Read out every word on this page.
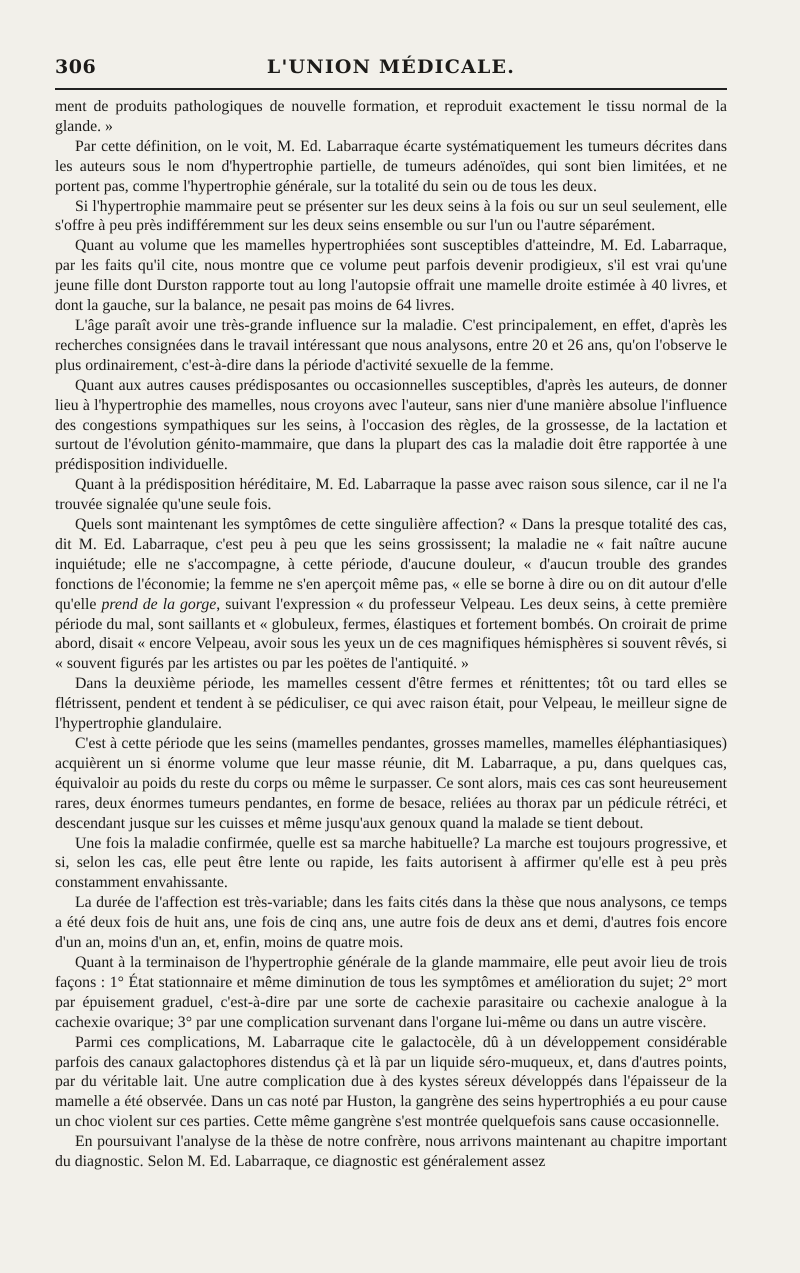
306	L'UNION MÉDICALE.

ment de produits pathologiques de nouvelle formation, et reproduit exactement le tissu normal de la glande. »

Par cette définition, on le voit, M. Ed. Labarraque écarte systématiquement les tumeurs décrites dans les auteurs sous le nom d'hypertrophie partielle, de tumeurs adénoïdes, qui sont bien limitées, et ne portent pas, comme l'hypertrophie générale, sur la totalité du sein ou de tous les deux.

Si l'hypertrophie mammaire peut se présenter sur les deux seins à la fois ou sur un seul seulement, elle s'offre à peu près indifféremment sur les deux seins ensemble ou sur l'un ou l'autre séparément.

Quant au volume que les mamelles hypertrophiées sont susceptibles d'atteindre, M. Ed. Labarraque, par les faits qu'il cite, nous montre que ce volume peut parfois devenir prodigieux, s'il est vrai qu'une jeune fille dont Durston rapporte tout au long l'autopsie offrait une mamelle droite estimée à 40 livres, et dont la gauche, sur la balance, ne pesait pas moins de 64 livres.

L'âge paraît avoir une très-grande influence sur la maladie. C'est principalement, en effet, d'après les recherches consignées dans le travail intéressant que nous analysons, entre 20 et 26 ans, qu'on l'observe le plus ordinairement, c'est-à-dire dans la période d'activité sexuelle de la femme.

Quant aux autres causes prédisposantes ou occasionnelles susceptibles, d'après les auteurs, de donner lieu à l'hypertrophie des mamelles, nous croyons avec l'auteur, sans nier d'une manière absolue l'influence des congestions sympathiques sur les seins, à l'occasion des règles, de la grossesse, de la lactation et surtout de l'évolution génito-mammaire, que dans la plupart des cas la maladie doit être rapportée à une prédisposition individuelle.

Quant à la prédisposition héréditaire, M. Ed. Labarraque la passe avec raison sous silence, car il ne l'a trouvée signalée qu'une seule fois.

Quels sont maintenant les symptômes de cette singulière affection? « Dans la presque totalité des cas, dit M. Ed. Labarraque, c'est peu à peu que les seins grossissent; la maladie ne « fait naître aucune inquiétude; elle ne s'accompagne, à cette période, d'aucune douleur, « d'aucun trouble des grandes fonctions de l'économie; la femme ne s'en aperçoit même pas, « elle se borne à dire ou on dit autour d'elle qu'elle prend de la gorge, suivant l'expression « du professeur Velpeau. Les deux seins, à cette première période du mal, sont saillants et « globuleux, fermes, élastiques et fortement bombés. On croirait de prime abord, disait « encore Velpeau, avoir sous les yeux un de ces magnifiques hémisphères si souvent rêvés, si « souvent figurés par les artistes ou par les poëtes de l'antiquité. »

Dans la deuxième période, les mamelles cessent d'être fermes et rénittentes; tôt ou tard elles se flétrissent, pendent et tendent à se pédiculiser, ce qui avec raison était, pour Velpeau, le meilleur signe de l'hypertrophie glandulaire.

C'est à cette période que les seins (mamelles pendantes, grosses mamelles, mamelles éléphantiasiques) acquièrent un si énorme volume que leur masse réunie, dit M. Labarraque, a pu, dans quelques cas, équivaloir au poids du reste du corps ou même le surpasser. Ce sont alors, mais ces cas sont heureusement rares, deux énormes tumeurs pendantes, en forme de besace, reliées au thorax par un pédicule rétréci, et descendant jusque sur les cuisses et même jusqu'aux genoux quand la malade se tient debout.

Une fois la maladie confirmée, quelle est sa marche habituelle? La marche est toujours progressive, et si, selon les cas, elle peut être lente ou rapide, les faits autorisent à affirmer qu'elle est à peu près constamment envahissante.

La durée de l'affection est très-variable; dans les faits cités dans la thèse que nous analysons, ce temps a été deux fois de huit ans, une fois de cinq ans, une autre fois de deux ans et demi, d'autres fois encore d'un an, moins d'un an, et, enfin, moins de quatre mois.

Quant à la terminaison de l'hypertrophie générale de la glande mammaire, elle peut avoir lieu de trois façons : 1° État stationnaire et même diminution de tous les symptômes et amélioration du sujet; 2° mort par épuisement graduel, c'est-à-dire par une sorte de cachexie parasitaire ou cachexie analogue à la cachexie ovarique; 3° par une complication survenant dans l'organe lui-même ou dans un autre viscère.

Parmi ces complications, M. Labarraque cite le galactocèle, dû à un développement considérable parfois des canaux galactophores distendus çà et là par un liquide séro-muqueux, et, dans d'autres points, par du véritable lait. Une autre complication due à des kystes séreux développés dans l'épaisseur de la mamelle a été observée. Dans un cas noté par Huston, la gangrène des seins hypertrophiés a eu pour cause un choc violent sur ces parties. Cette même gangrène s'est montrée quelquefois sans cause occasionnelle.

En poursuivant l'analyse de la thèse de notre confrère, nous arrivons maintenant au chapitre important du diagnostic. Selon M. Ed. Labarraque, ce diagnostic est généralement assez
